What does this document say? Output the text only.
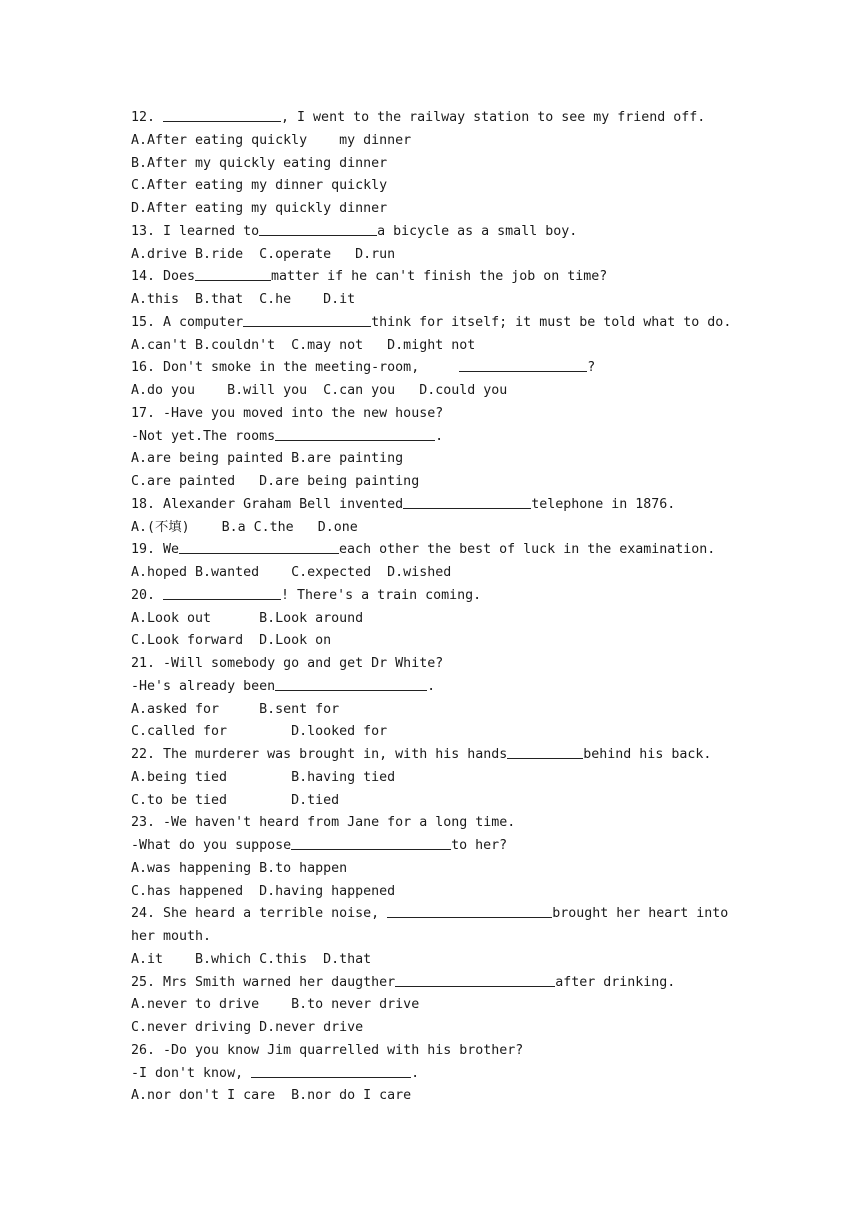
12.	, I went to the railway station to see my friend off.
A.After eating quickly    my dinner
B.After my quickly eating dinner
C.After eating my dinner quickly
D.After eating my quickly dinner
13. I learned to	a bicycle as a small boy.
A.drive B.ride  C.operate   D.run
14. Does	matter if he can't finish the job on time?
A.this  B.that  C.he    D.it
15. A computer	think for itself; it must be told what to do.
A.can't B.couldn't  C.may not   D.might not
16. Don't smoke in the meeting-room,	?
A.do you    B.will you  C.can you   D.could you
17. -Have you moved into the new house?
-Not yet.The rooms	.
A.are being painted B.are painting
C.are painted   D.are being painting
18. Alexander Graham Bell invented	telephone in 1876.
A.(不填)    B.a C.the   D.one
19. We	each other the best of luck in the examination.
A.hoped B.wanted    C.expected  D.wished
20.	! There's a train coming.
A.Look out      B.Look around
C.Look forward  D.Look on
21. -Will somebody go and get Dr White?
-He's already been	.
A.asked for     B.sent for
C.called for        D.looked for
22. The murderer was brought in, with his hands	behind his back.
A.being tied        B.having tied
C.to be tied        D.tied
23. -We haven't heard from Jane for a long time.
-What do you suppose	to her?
A.was happening B.to happen
C.has happened  D.having happened
24. She heard a terrible noise,	brought her heart into
her mouth.
A.it    B.which C.this  D.that
25. Mrs Smith warned her daugther	after drinking.
A.never to drive    B.to never drive
C.never driving D.never drive
26. -Do you know Jim quarrelled with his brother?
-I don't know,	.
A.nor don't I care  B.nor do I care
